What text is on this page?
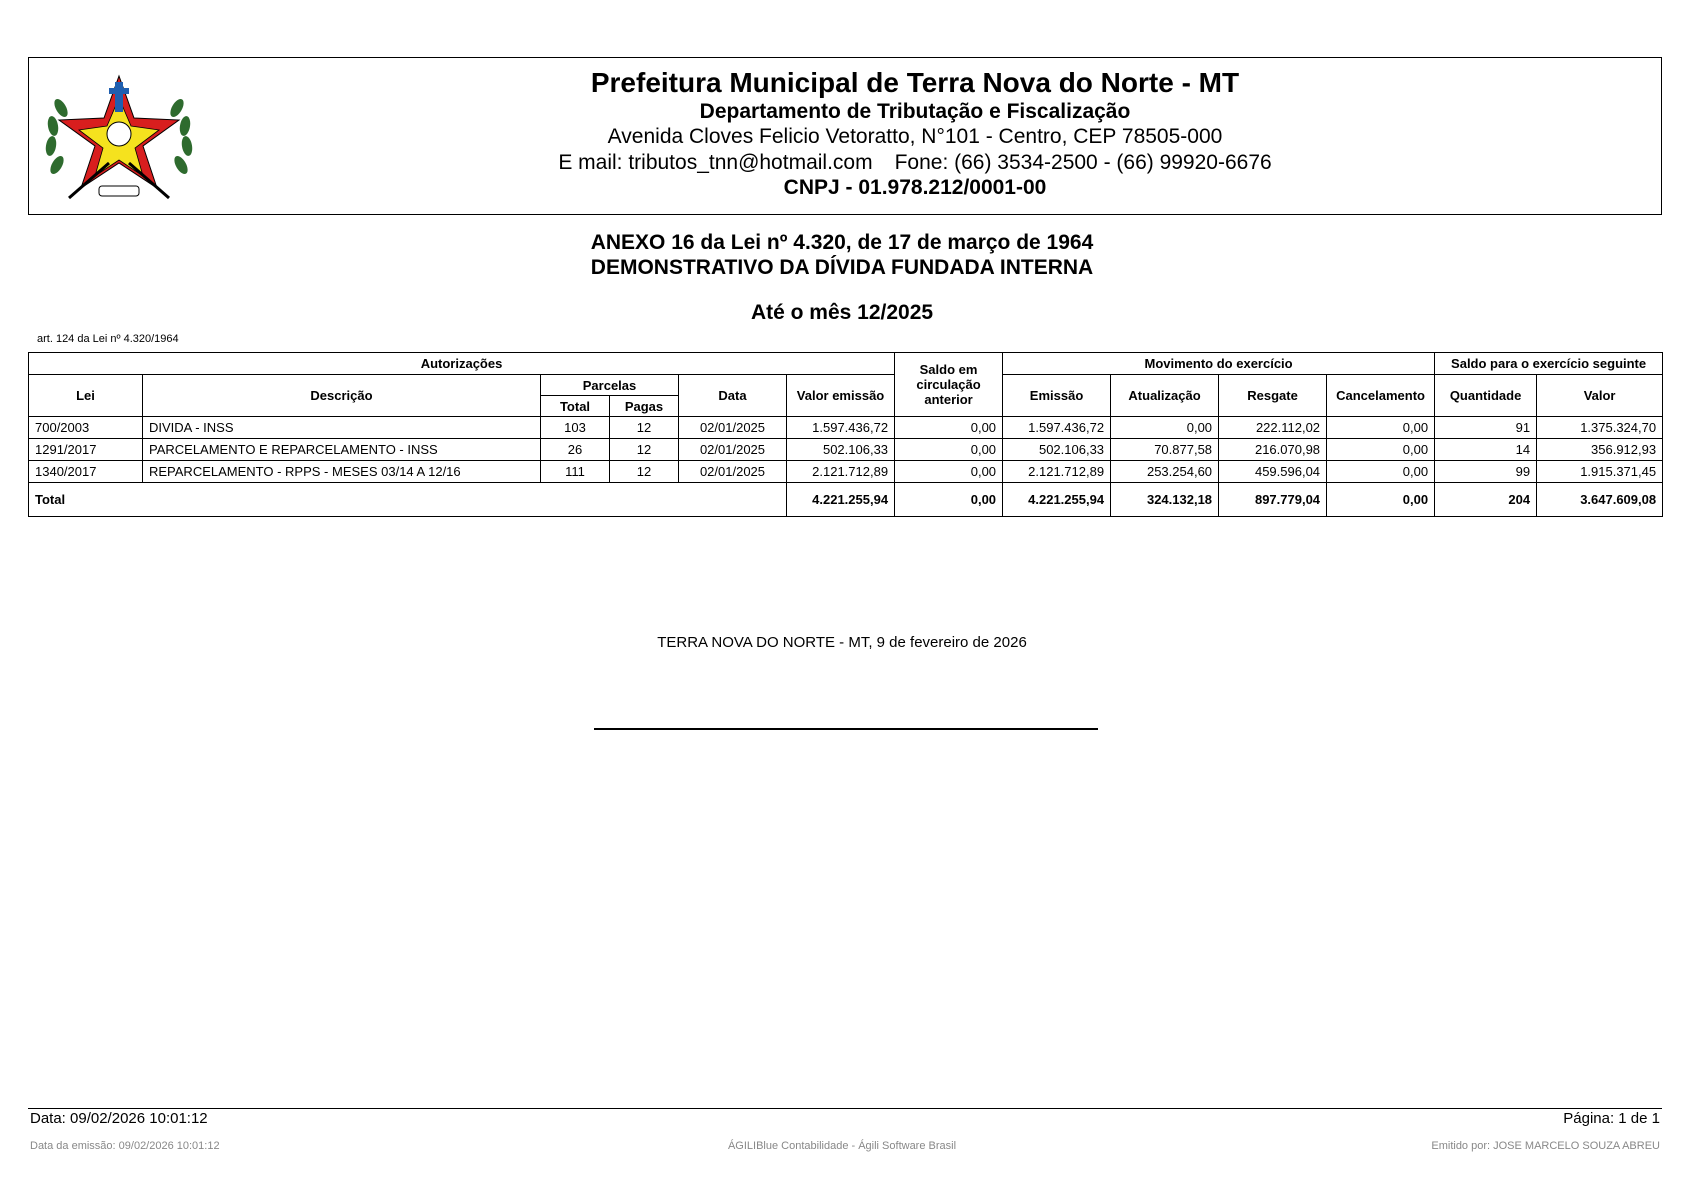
Prefeitura Municipal de Terra Nova do Norte - MT
Departamento de Tributação e Fiscalização
Avenida Cloves Felicio Vetoratto, N°101 - Centro, CEP 78505-000
E mail: tributos_tnn@hotmail.com Fone: (66) 3534-2500 - (66) 99920-6676
CNPJ - 01.978.212/0001-00
ANEXO 16 da Lei nº 4.320, de 17 de março de 1964
DEMONSTRATIVO DA DÍVIDA FUNDADA INTERNA
Até o mês 12/2025
art. 124 da Lei nº 4.320/1964
Autorizações						Saldo em circulação anterior	Movimento do exercício				Saldo para o exercício seguinte	
Lei	Descrição	Parcelas		Data	Valor emissão		Emissão	Atualização	Resgate	Cancelamento	Quantidade	Valor
		Total	Pagas									
700/2003	DIVIDA - INSS	103	12	02/01/2025	1.597.436,72	0,00	1.597.436,72	0,00	222.112,02	0,00	91	1.375.324,70
1291/2017	PARCELAMENTO E REPARCELAMENTO - INSS	26	12	02/01/2025	502.106,33	0,00	502.106,33	70.877,58	216.070,98	0,00	14	356.912,93
1340/2017	REPARCELAMENTO - RPPS - MESES 03/14 A 12/16	111	12	02/01/2025	2.121.712,89	0,00	2.121.712,89	253.254,60	459.596,04	0,00	99	1.915.371,45
Total					4.221.255,94	0,00	4.221.255,94	324.132,18	897.779,04	0,00	204	3.647.609,08
TERRA NOVA DO NORTE - MT, 9 de fevereiro de 2026
Data: 09/02/2026 10:01:12	Página: 1 de 1
Data da emissão: 09/02/2026 10:01:12	ÁGILIBlue Contabilidade - Ágili Software Brasil	Emitido por: JOSE MARCELO SOUZA ABREU
